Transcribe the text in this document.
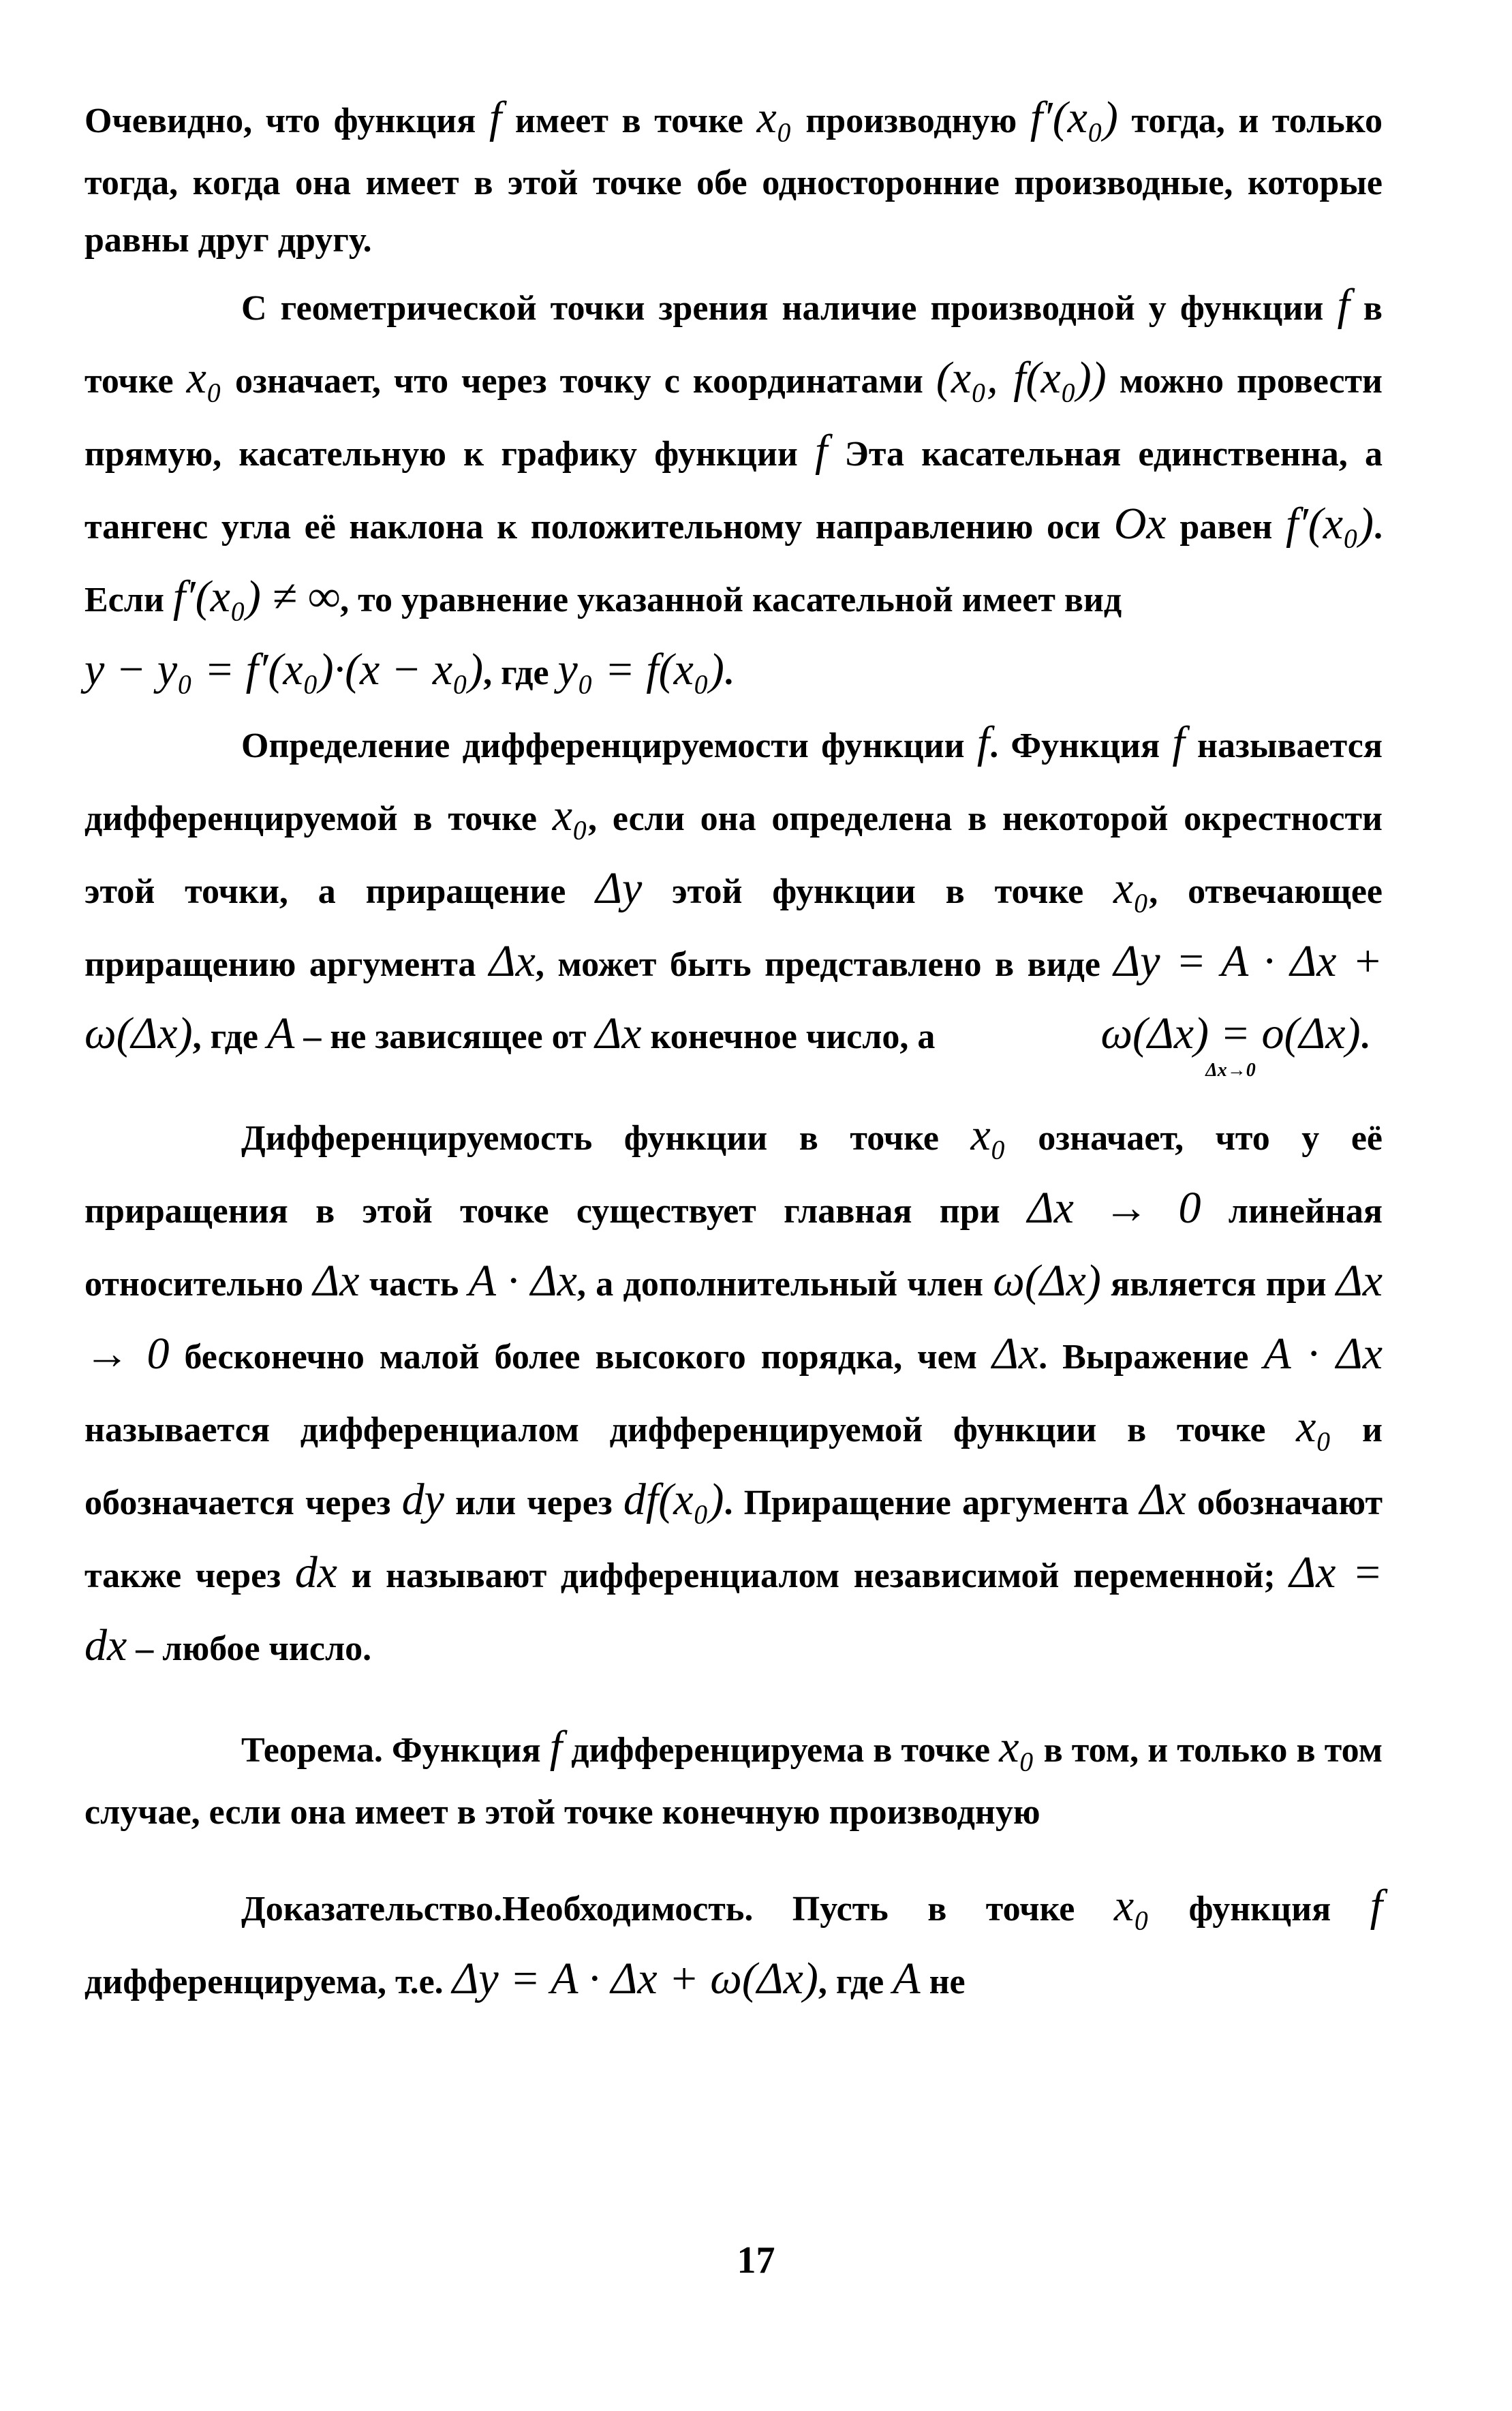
Очевидно, что функция f имеет в точке x₀ производную f′(x₀) тогда, и только тогда, когда она имеет в этой точке обе односторонние производные, которые равны друг другу.

С геометрической точки зрения наличие производной у функции f в точке x₀ означает, что через точку с координатами (x₀, f(x₀)) можно провести прямую, касательную к графику функции f Эта касательная единственна, а тангенс угла её наклона к положительному направлению оси Ox равен f′(x₀). Если f′(x₀) ≠ ∞, то уравнение указанной касательной имеет вид
y − y₀ = f′(x₀)·(x − x₀), где y₀ = f(x₀).

Определение дифференцируемости функции f. Функция f называется дифференцируемой в точке x₀, если она определена в некоторой окрестности этой точки, а приращение Δy этой функции в точке x₀, отвечающее приращению аргумента Δx, может быть представлено в виде Δy = A · Δx + ω(Δx), где A – не зависящее от Δx конечное число, а	ω(Δx) = o(Δx)
Δx→0
.

Дифференцируемость функции в точке x₀ означает, что у её приращения в этой точке существует главная при Δx → 0 линейная относительно Δx часть A · Δx, а дополнительный член ω(Δx) является при Δx → 0 бесконечно малой более высокого порядка, чем Δx. Выражение A · Δx называется дифференциалом дифференцируемой функции в точке x₀ и обозначается через dy или через df(x₀). Приращение аргумента Δx обозначают также через dx и называют дифференциалом независимой переменной; Δx = dx – любое число.

Теорема. Функция f дифференцируема в точке x₀ в том, и только в том случае, если она имеет в этой точке конечную производную

Доказательство.Необходимость. Пусть в точке x₀ функция f дифференцируема, т.е. Δy = A · Δx + ω(Δx), где A не

17
